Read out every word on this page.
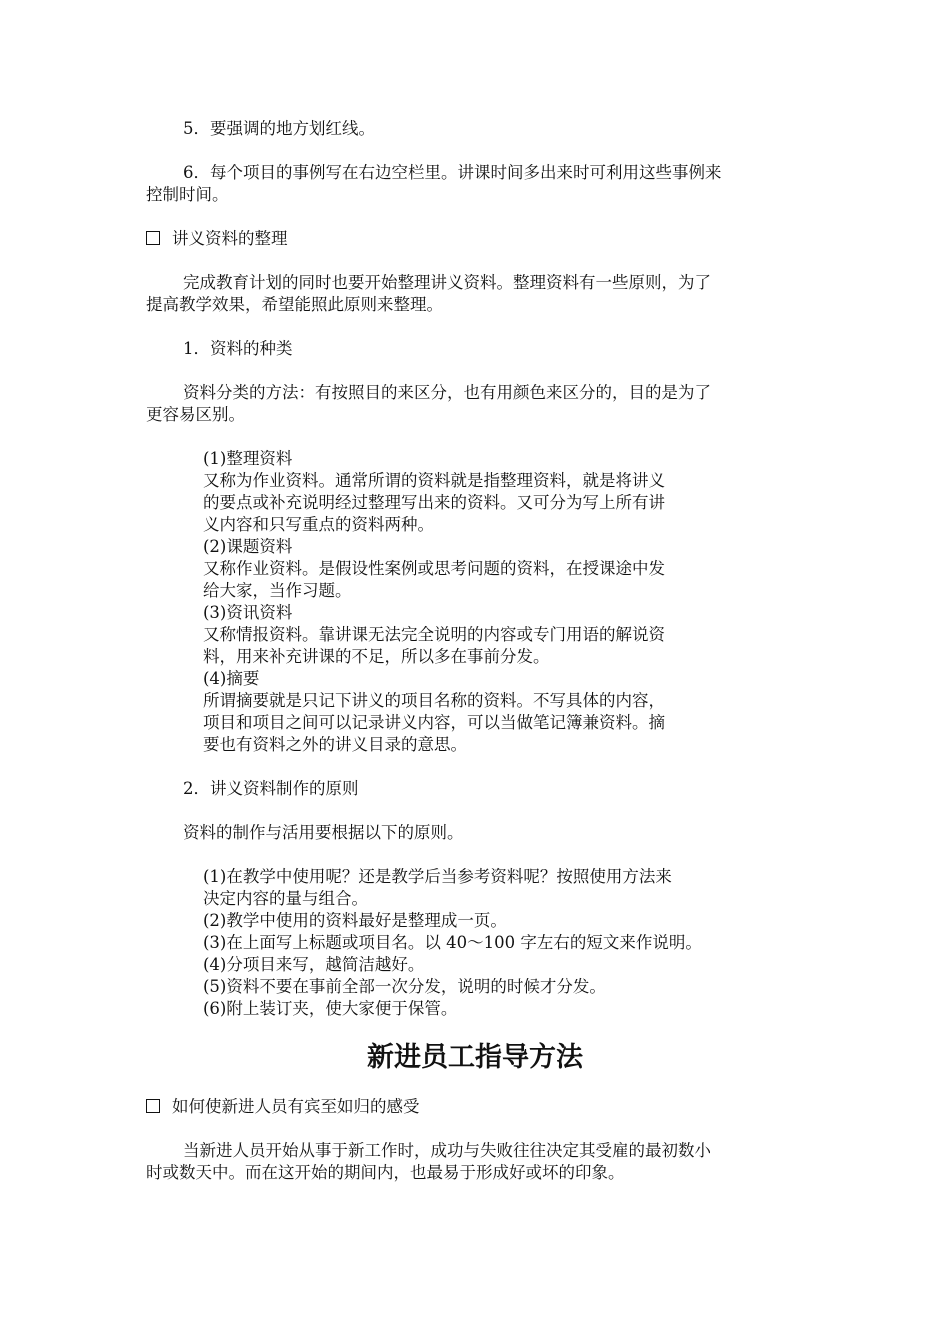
5．要强调的地方划红线。
6．每个项目的事例写在右边空栏里。讲课时间多出来时可利用这些事例来
控制时间。
讲义资料的整理
完成教育计划的同时也要开始整理讲义资料。整理资料有一些原则，为了
提高教学效果，希望能照此原则来整理。
1．资料的种类
资料分类的方法：有按照目的来区分，也有用颜色来区分的，目的是为了
更容易区别。
(1)整理资料
又称为作业资料。通常所谓的资料就是指整理资料，就是将讲义
的要点或补充说明经过整理写出来的资料。又可分为写上所有讲
义内容和只写重点的资料两种。
(2)课题资料
又称作业资料。是假设性案例或思考问题的资料，在授课途中发
给大家，当作习题。
(3)资讯资料
又称情报资料。靠讲课无法完全说明的内容或专门用语的解说资
料，用来补充讲课的不足，所以多在事前分发。
(4)摘要
所谓摘要就是只记下讲义的项目名称的资料。不写具体的内容，
项目和项目之间可以记录讲义内容，可以当做笔记簿兼资料。摘
要也有资料之外的讲义目录的意思。
2．讲义资料制作的原则
资料的制作与活用要根据以下的原则。
(1)在教学中使用呢？还是教学后当参考资料呢？按照使用方法来
决定内容的量与组合。
(2)教学中使用的资料最好是整理成一页。
(3)在上面写上标题或项目名。以 40～100 字左右的短文来作说明。
(4)分项目来写，越简洁越好。
(5)资料不要在事前全部一次分发，说明的时候才分发。
(6)附上装订夹，使大家便于保管。
新进员工指导方法
如何使新进人员有宾至如归的感受
当新进人员开始从事于新工作时，成功与失败往往决定其受雇的最初数小
时或数天中。而在这开始的期间内，也最易于形成好或坏的印象。
